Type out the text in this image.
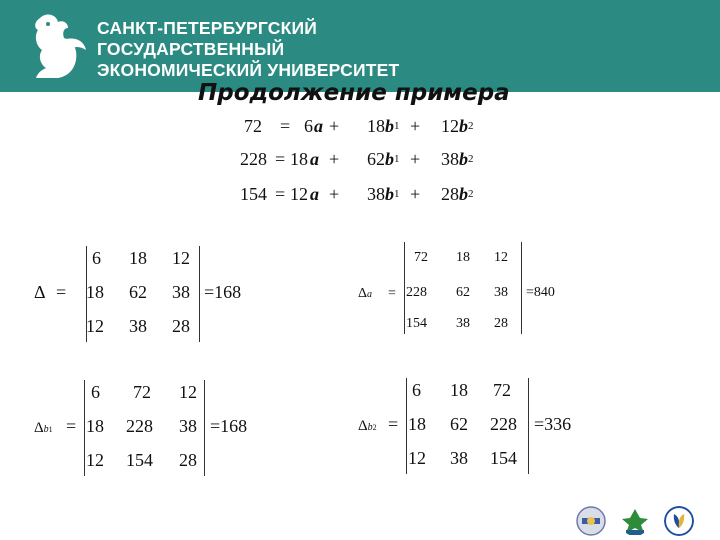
САНКТ-ПЕТЕРБУРГСКИЙ
ГОСУДАРСТВЕННЫЙ
ЭКОНОМИЧЕСКИЙ УНИВЕРСИТЕТ
Продолжение примера
72 = 6 a + 18 b 1 + 12 b 2
228 = 18 a + 62 b 1 + 38 b 2
154 = 12 a + 38 b 1 + 28 b 2
Δ =
6 18 12
18 62 38
12 38 28
=168	Δa =
72 18 12
228 62 38
154 38 28
=840
Δb1 =
6 72 12
18 228 38
12 154 28
=168	Δb2 =
6 18 72
18 62 228
12 38 154
=336
